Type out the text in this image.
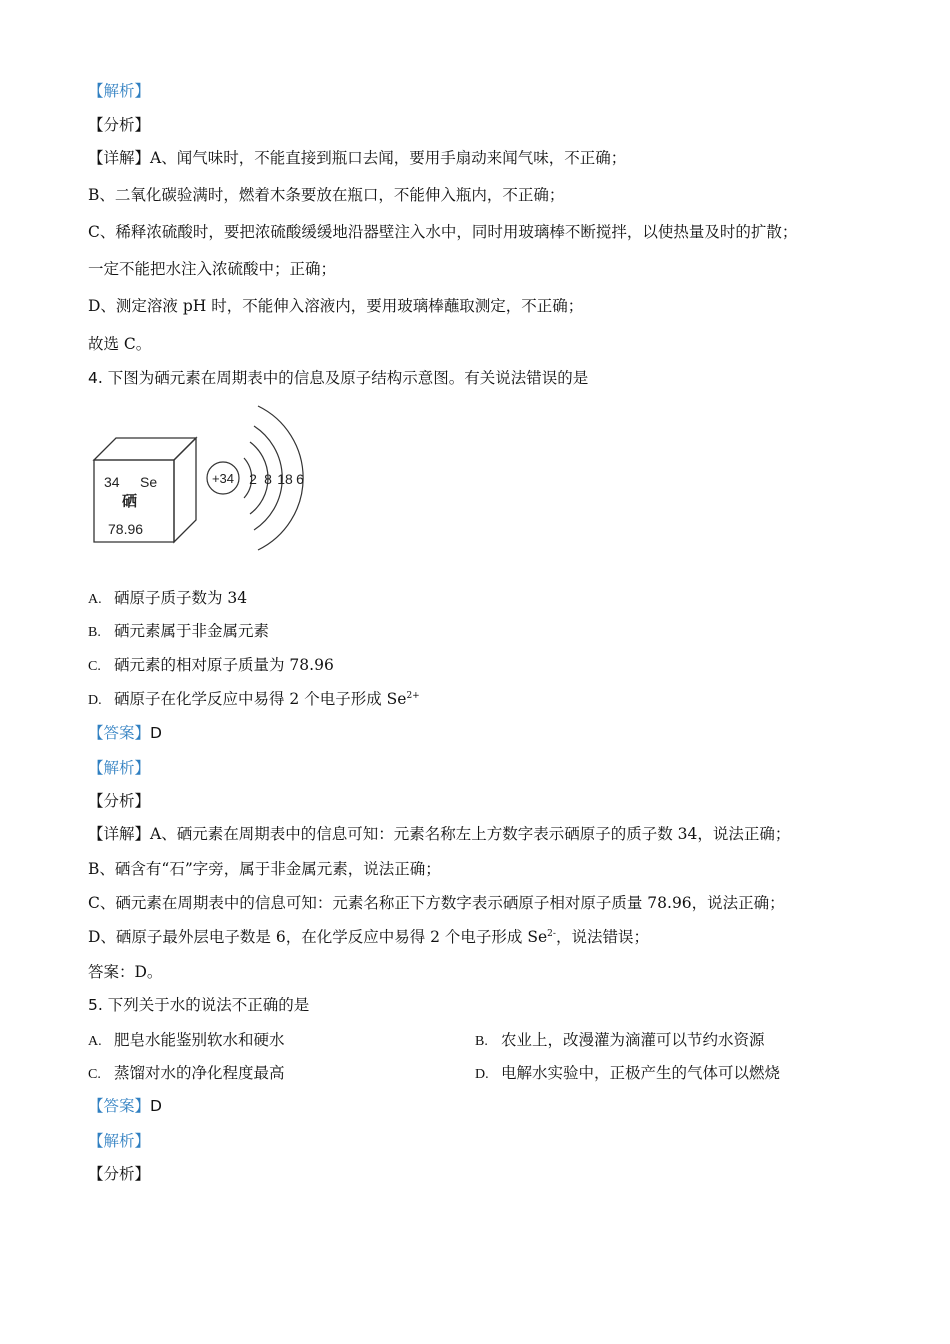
【解析】
【分析】
【详解】A、闻气味时，不能直接到瓶口去闻，要用手扇动来闻气味，不正确；
B、二氧化碳验满时，燃着木条要放在瓶口，不能伸入瓶内，不正确；
C、稀释浓硫酸时，要把浓硫酸缓缓地沿器壁注入水中，同时用玻璃棒不断搅拌，以使热量及时的扩散；
一定不能把水注入浓硫酸中；正确；
D、测定溶液 pH 时，不能伸入溶液内，要用玻璃棒蘸取测定，不正确；
故选 C。
4. 下图为硒元素在周期表中的信息及原子结构示意图。有关说法错误的是
34 Se
硒
78.96
+34 2 8 18 6
A. 硒原子质子数为 34
B. 硒元素属于非金属元素
C. 硒元素的相对原子质量为 78.96
D. 硒原子在化学反应中易得 2 个电子形成 $Se^{2+}$
【答案】D
【解析】
【分析】
【详解】A、硒元素在周期表中的信息可知：元素名称左上方数字表示硒原子的质子数 34，说法正确；
B、硒含有“石”字旁，属于非金属元素，说法正确；
C、硒元素在周期表中的信息可知：元素名称正下方数字表示硒原子相对原子质量 78.96，说法正确；
D、硒原子最外层电子数是 6，在化学反应中易得 2 个电子形成 $Se^{2-}$，说法错误；
答案：D。
5. 下列关于水的说法不正确的是
A. 肥皂水能鉴别软水和硬水	B. 农业上，改漫灌为滴灌可以节约水资源
C. 蒸馏对水的净化程度最高	D. 电解水实验中，正极产生的气体可以燃烧
【答案】D
【解析】
【分析】
